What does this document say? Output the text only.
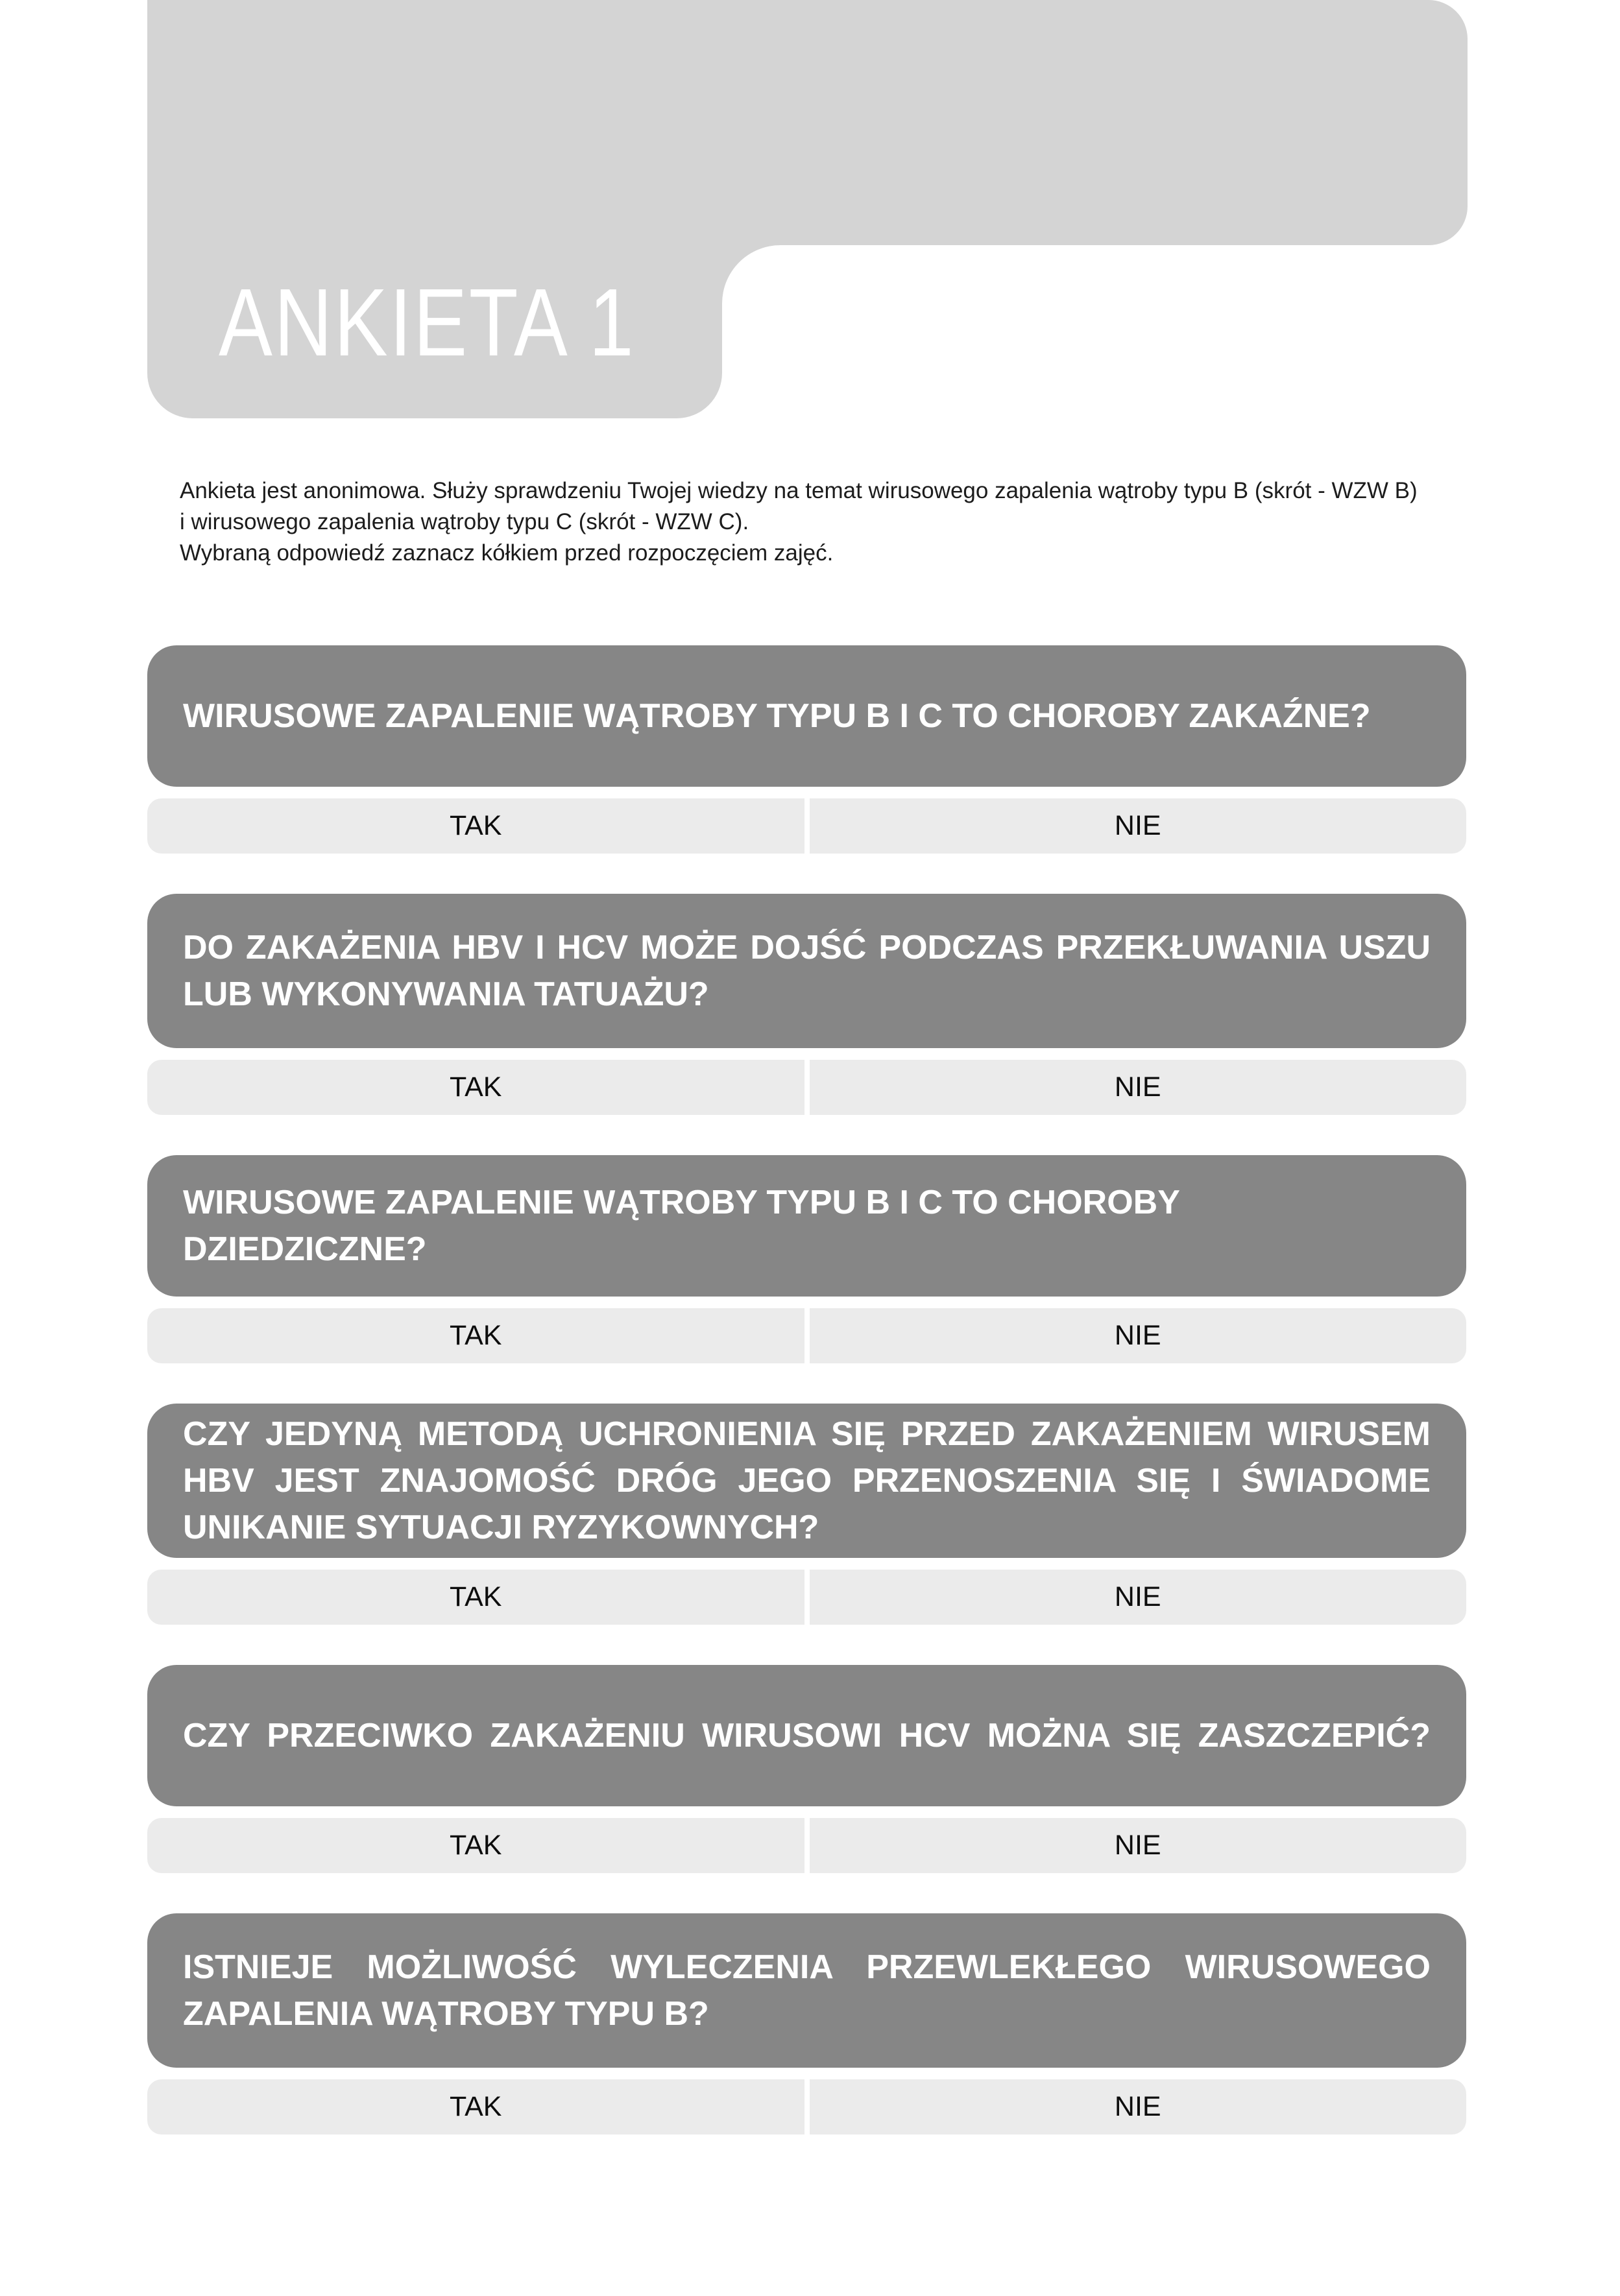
ANKIETA 1
Ankieta jest anonimowa. Służy sprawdzeniu Twojej wiedzy na temat wirusowego zapalenia wątroby typu B (skrót - WZW B)
i wirusowego zapalenia wątroby typu C (skrót - WZW C).
Wybraną odpowiedź zaznacz kółkiem przed rozpoczęciem zajęć.
WIRUSOWE ZAPALENIE WĄTROBY TYPU B I C TO CHOROBY ZAKAŹNE?
TAK	NIE
DO ZAKAŻENIA HBV I HCV MOŻE DOJŚĆ PODCZAS PRZEKŁUWANIA USZU
LUB WYKONYWANIA TATUAŻU?
TAK	NIE
WIRUSOWE ZAPALENIE WĄTROBY TYPU B I C TO CHOROBY DZIEDZICZNE?
TAK	NIE
CZY JEDYNĄ METODĄ UCHRONIENIA SIĘ PRZED ZAKAŻENIEM WIRUSEM
HBV JEST ZNAJOMOŚĆ DRÓG JEGO PRZENOSZENIA SIĘ I ŚWIADOME
UNIKANIE SYTUACJI RYZYKOWNYCH?
TAK	NIE
CZY PRZECIWKO ZAKAŻENIU WIRUSOWI HCV MOŻNA SIĘ ZASZCZEPIĆ?
TAK	NIE
ISTNIEJE MOŻLIWOŚĆ WYLECZENIA PRZEWLEKŁEGO WIRUSOWEGO
ZAPALENIA WĄTROBY TYPU B?
TAK	NIE
